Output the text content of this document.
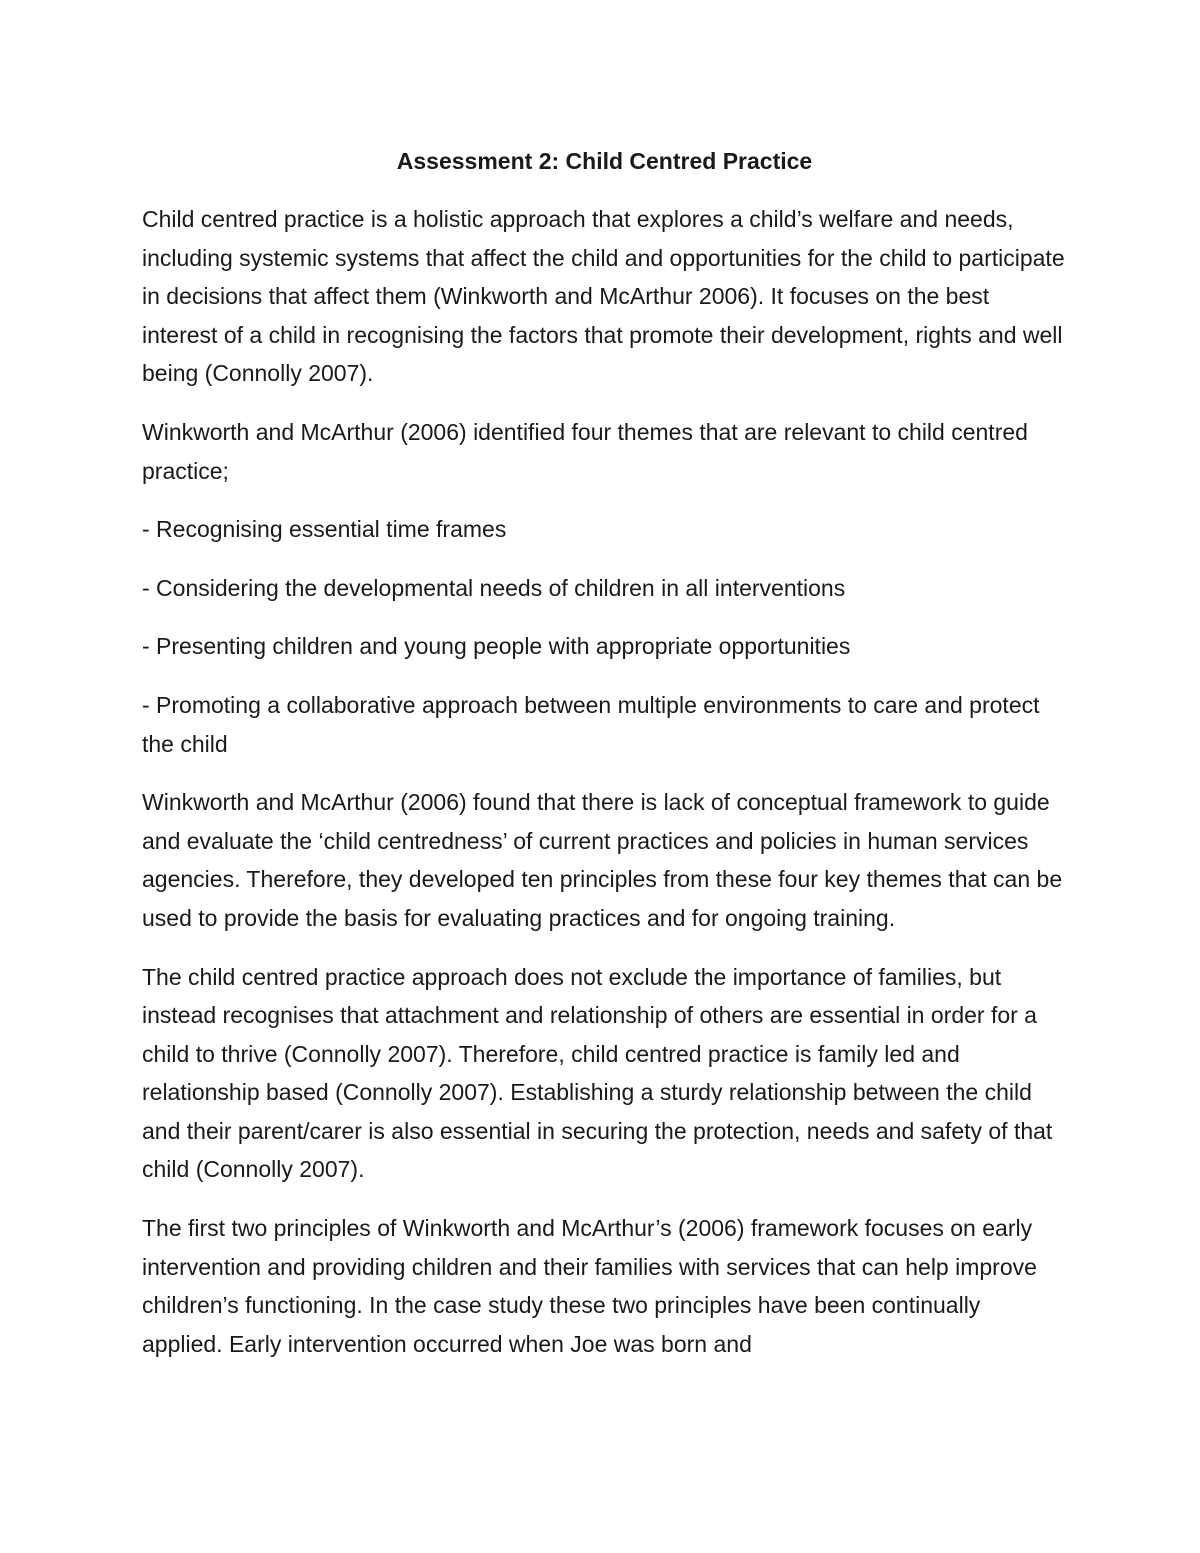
Assessment 2: Child Centred Practice

Child centred practice is a holistic approach that explores a child’s welfare and needs, including systemic systems that affect the child and opportunities for the child to participate in decisions that affect them (Winkworth and McArthur 2006). It focuses on the best interest of a child in recognising the factors that promote their development, rights and well being (Connolly 2007).

Winkworth and McArthur (2006) identified four themes that are relevant to child centred practice;

- Recognising essential time frames

- Considering the developmental needs of children in all interventions

- Presenting children and young people with appropriate opportunities

- Promoting a collaborative approach between multiple environments to care and protect the child

Winkworth and McArthur (2006) found that there is lack of conceptual framework to guide and evaluate the ‘child centredness’ of current practices and policies in human services agencies. Therefore, they developed ten principles from these four key themes that can be used to provide the basis for evaluating practices and for ongoing training.

The child centred practice approach does not exclude the importance of families, but instead recognises that attachment and relationship of others are essential in order for a child to thrive (Connolly 2007). Therefore, child centred practice is family led and relationship based (Connolly 2007). Establishing a sturdy relationship between the child and their parent/carer is also essential in securing the protection, needs and safety of that child (Connolly 2007).

The first two principles of Winkworth and McArthur’s (2006) framework focuses on early intervention and providing children and their families with services that can help improve children’s functioning. In the case study these two principles have been continually applied. Early intervention occurred when Joe was born and
